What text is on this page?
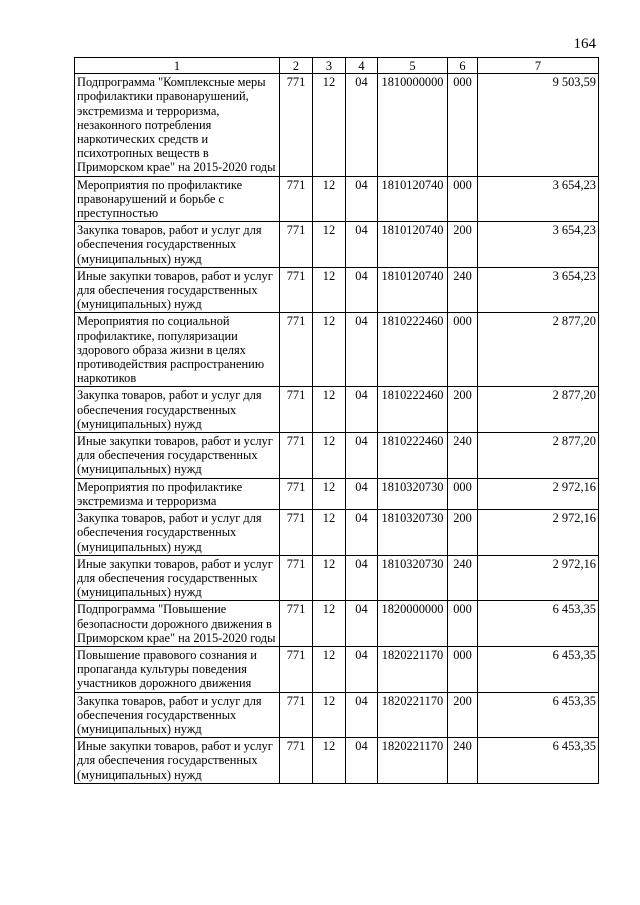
164
1	2	3	4	5	6	7
Подпрограмма "Комплексные меры профилактики правонарушений, экстремизма и терроризма, незаконного потребления наркотических средств и психотропных веществ в Приморском крае" на 2015-2020 годы	771	12	04	1810000000	000	9 503,59
Мероприятия по профилактике правонарушений и борьбе с преступностью	771	12	04	1810120740	000	3 654,23
Закупка товаров, работ и услуг для обеспечения государственных (муниципальных) нужд	771	12	04	1810120740	200	3 654,23
Иные закупки товаров, работ и услуг для обеспечения государственных (муниципальных) нужд	771	12	04	1810120740	240	3 654,23
Мероприятия по социальной профилактике, популяризации здорового образа жизни в целях противодействия распространению наркотиков	771	12	04	1810222460	000	2 877,20
Закупка товаров, работ и услуг для обеспечения государственных (муниципальных) нужд	771	12	04	1810222460	200	2 877,20
Иные закупки товаров, работ и услуг для обеспечения государственных (муниципальных) нужд	771	12	04	1810222460	240	2 877,20
Мероприятия по профилактике экстремизма и терроризма	771	12	04	1810320730	000	2 972,16
Закупка товаров, работ и услуг для обеспечения государственных (муниципальных) нужд	771	12	04	1810320730	200	2 972,16
Иные закупки товаров, работ и услуг для обеспечения государственных (муниципальных) нужд	771	12	04	1810320730	240	2 972,16
Подпрограмма "Повышение безопасности дорожного движения в Приморском крае" на 2015-2020 годы	771	12	04	1820000000	000	6 453,35
Повышение правового сознания и пропаганда культуры поведения участников дорожного движения	771	12	04	1820221170	000	6 453,35
Закупка товаров, работ и услуг для обеспечения государственных (муниципальных) нужд	771	12	04	1820221170	200	6 453,35
Иные закупки товаров, работ и услуг для обеспечения государственных (муниципальных) нужд	771	12	04	1820221170	240	6 453,35
